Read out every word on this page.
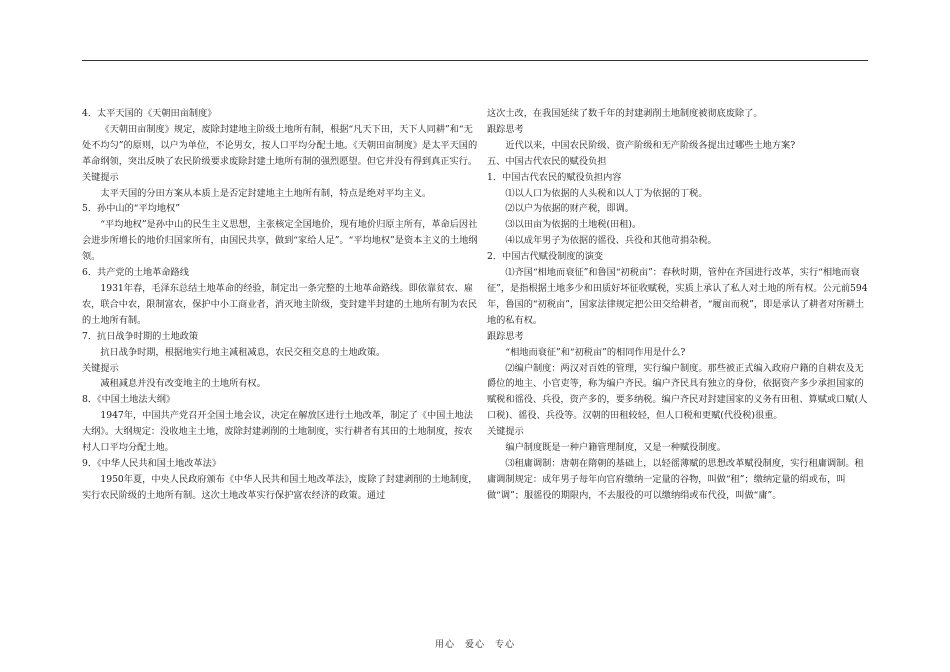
4．太平天国的《天朝田亩制度》

《天朝田亩制度》规定，废除封建地主阶级土地所有制，根据“凡天下田，天下人同耕”和“无处不均匀”的原则，以户为单位，不论男女，按人口平均分配土地。《天朝田亩制度》是太平天国的革命纲领，突出反映了农民阶级要求废除封建土地所有制的强烈愿望。但它并没有得到真正实行。

关键提示

太平天国的分田方案从本质上是否定封建地主土地所有制，特点是绝对平均主义。

5．孙中山的“平均地权”

“平均地权”是孙中山的民生主义思想，主张核定全国地价，现有地价归原主所有，革命后因社会进步所增长的地价归国家所有，由国民共享，做到“家给人足”。“平均地权”是资本主义的土地纲领。

6．共产党的土地革命路线

1931年春，毛泽东总结土地革命的经验，制定出一条完整的土地革命路线。即依靠贫农、雇农，联合中农，限制富农，保护中小工商业者，消灭地主阶级，变封建半封建的土地所有制为农民的土地所有制。

7．抗日战争时期的土地政策

抗日战争时期，根据地实行地主减租减息，农民交租交息的土地政策。

关键提示

减租减息并没有改变地主的土地所有权。

8．《中国土地法大纲》

1947年，中国共产党召开全国土地会议，决定在解放区进行土地改革，制定了《中国土地法大纲》。大纲规定：没收地主土地，废除封建剥削的土地制度，实行耕者有其田的土地制度，按农村人口平均分配土地。

9．《中华人民共和国土地改革法》

1950年夏，中央人民政府颁布《中华人民共和国土地改革法》，废除了封建剥削的土地制度，实行农民阶级的土地所有制。这次土地改革实行保护富农经济的政策。通过

这次土改，在我国延续了数千年的封建剥削土地制度被彻底废除了。

跟踪思考

近代以来，中国农民阶级、资产阶级和无产阶级各提出过哪些土地方案?

五、中国古代农民的赋役负担

1．中国古代农民的赋役负担内容

⑴以人口为依据的人头税和以人丁为依据的丁税。

⑵以户为依据的财产税，即调。

⑶以田亩为依据的土地税(田租)。

⑷以成年男子为依据的徭役、兵役和其他苛捐杂税。

2．中国古代赋役制度的演变

⑴齐国“相地而衰征”和鲁国“初税亩”：春秋时期，管仲在齐国进行改革，实行“相地而衰征”，是指根据土地多少和田质好坏征收赋税，实质上承认了私人对土地的所有权。公元前594年，鲁国的“初税亩”，国家法律规定把公田交给耕者，“履亩而税”，即是承认了耕者对所耕土地的私有权。

跟踪思考

“相地而衰征”和“初税亩”的相同作用是什么?

⑵编户制度：两汉对百姓的管理，实行编户制度。那些被正式编入政府户籍的自耕农及无爵位的地主、小官吏等，称为编户齐民。编户齐民具有独立的身份，依据资产多少承担国家的赋税和徭役、兵役，资产多的，要多纳税。编户齐民对封建国家的义务有田租、算赋或口赋(人口税)、徭役、兵役等。汉朝的田租较轻，但人口税和更赋(代役税)很重。

关键提示

编户制度既是一种户籍管理制度，又是一种赋役制度。

⑶租庸调制：唐朝在隋朝的基础上，以轻徭薄赋的思想改革赋役制度，实行租庸调制。租庸调制规定：成年男子每年向官府缴纳一定量的谷物，叫做“租”；缴纳定量的绢或布，叫做“调”；服徭役的期限内，不去服役的可以缴纳绢或布代役，叫做“庸”。

用心　爱心　专心
